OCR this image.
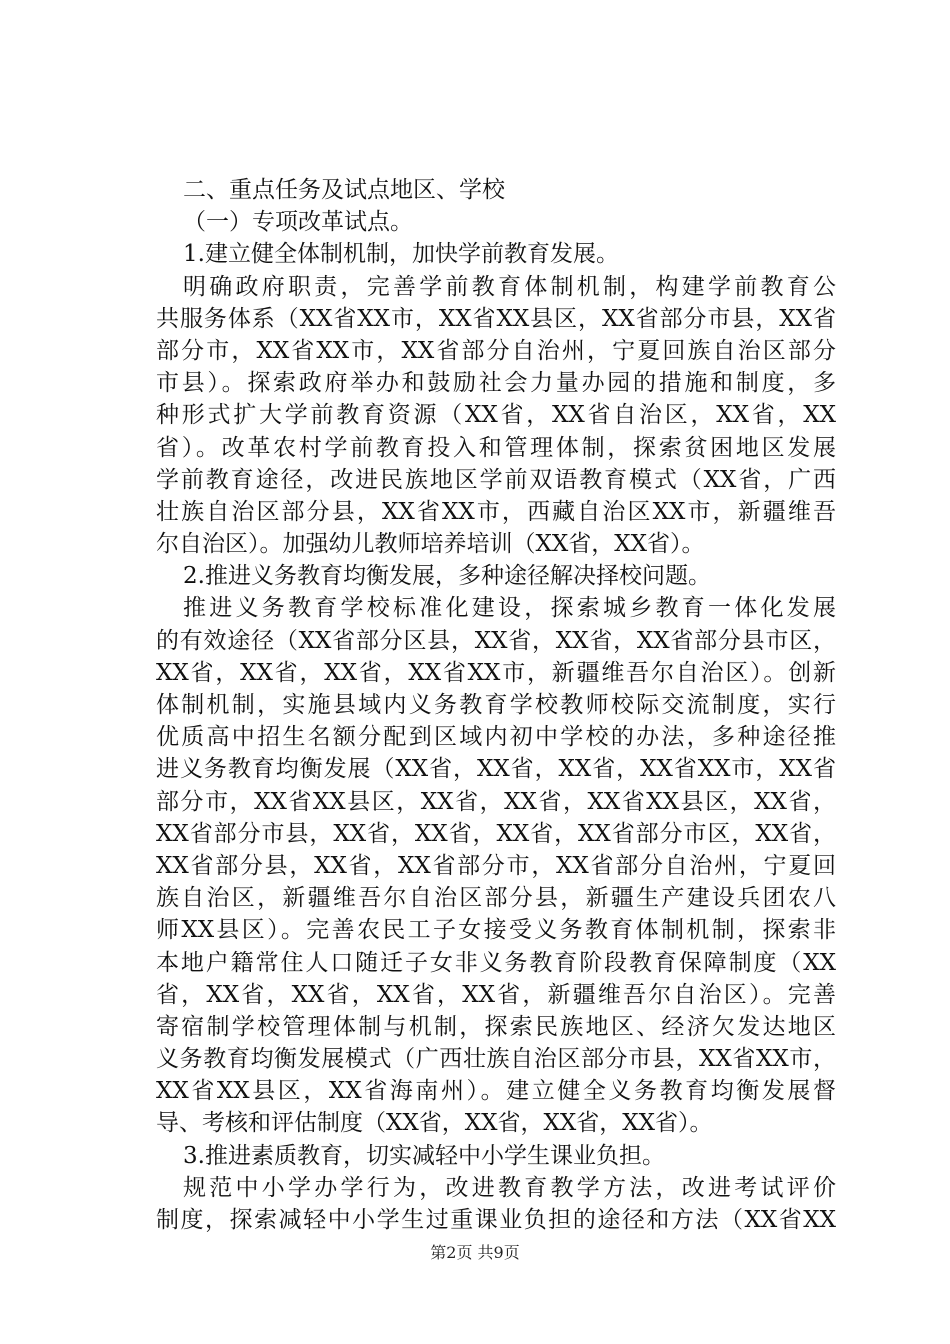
二、重点任务及试点地区、学校
（一）专项改革试点。
1.建立健全体制机制，加快学前教育发展。
明确政府职责，完善学前教育体制机制，构建学前教育公
共服务体系（XX省XX市，XX省XX县区，XX省部分市县，XX省
部分市，XX省XX市，XX省部分自治州，宁夏回族自治区部分
市县）。探索政府举办和鼓励社会力量办园的措施和制度，多
种形式扩大学前教育资源（XX省，XX省自治区，XX省，XX
省）。改革农村学前教育投入和管理体制，探索贫困地区发展
学前教育途径，改进民族地区学前双语教育模式（XX省，广西
壮族自治区部分县，XX省XX市，西藏自治区XX市，新疆维吾
尔自治区）。加强幼儿教师培养培训（XX省，XX省）。
2.推进义务教育均衡发展，多种途径解决择校问题。
推进义务教育学校标准化建设，探索城乡教育一体化发展
的有效途径（XX省部分区县，XX省，XX省，XX省部分县市区，
XX省，XX省，XX省，XX省XX市，新疆维吾尔自治区）。创新
体制机制，实施县域内义务教育学校教师校际交流制度，实行
优质高中招生名额分配到区域内初中学校的办法，多种途径推
进义务教育均衡发展（XX省，XX省，XX省，XX省XX市，XX省
部分市，XX省XX县区，XX省，XX省，XX省XX县区，XX省，
XX省部分市县，XX省，XX省，XX省，XX省部分市区，XX省，
XX省部分县，XX省，XX省部分市，XX省部分自治州，宁夏回
族自治区，新疆维吾尔自治区部分县，新疆生产建设兵团农八
师XX县区）。完善农民工子女接受义务教育体制机制，探索非
本地户籍常住人口随迁子女非义务教育阶段教育保障制度（XX
省，XX省，XX省，XX省，XX省，新疆维吾尔自治区）。完善
寄宿制学校管理体制与机制，探索民族地区、经济欠发达地区
义务教育均衡发展模式（广西壮族自治区部分市县，XX省XX市，
XX省XX县区，XX省海南州）。建立健全义务教育均衡发展督
导、考核和评估制度（XX省，XX省，XX省，XX省）。
3.推进素质教育，切实减轻中小学生课业负担。
规范中小学办学行为，改进教育教学方法，改进考试评价
制度，探索减轻中小学生过重课业负担的途径和方法（XX省XX
第2页 共9页
